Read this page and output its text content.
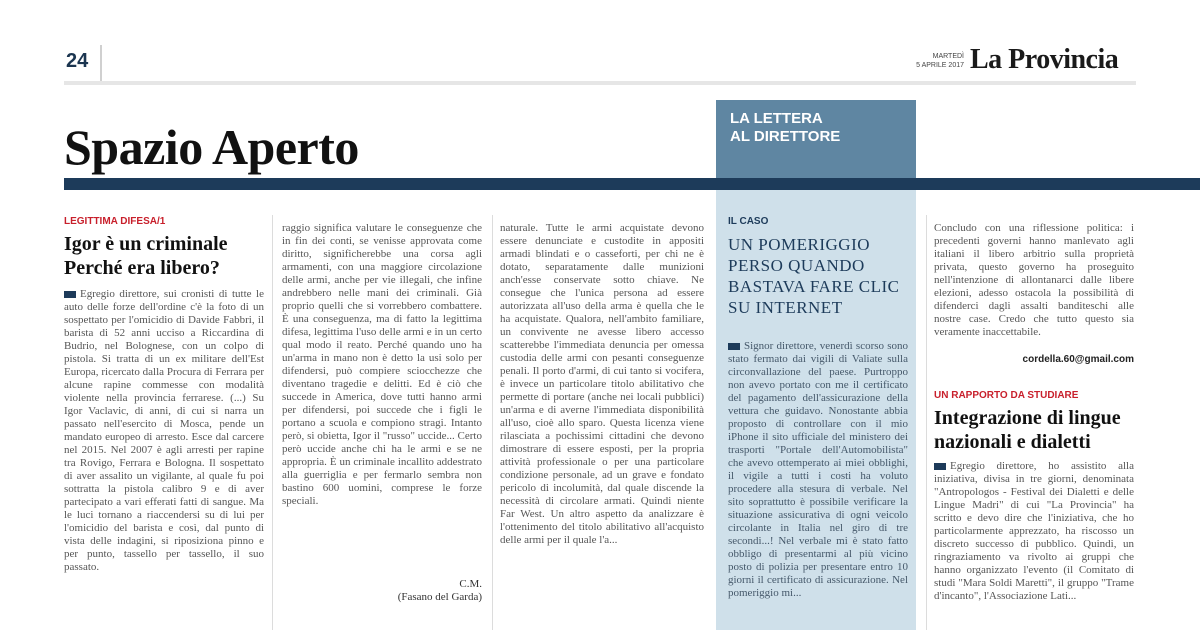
24	MARTEDÌ
5 APRILE 2017 La Provincia
Spazio Aperto
LA LETTERA
AL DIRETTORE
LEGITTIMA DIFESA/1
Igor è un criminale
Perché era libero?

Egregio direttore, sui cronisti di tutte le auto delle forze dell'ordine c'è la foto di un sospettato per l'omicidio di Davide Fabbri, il barista di 52 anni ucciso a Riccardina di Budrio, nel Bolognese, con un colpo di pistola. Si tratta di un ex militare dell'Est Europa, ricercato dalla Procura di Ferrara per alcune rapine commesse con modalità violente nella provincia ferrarese. (...) Su Igor Vaclavic, di anni, di cui si narra un passato nell'esercito di Mosca, pende un mandato europeo di arresto. Esce dal carcere nel 2015. Nel 2007 è agli arresti per rapine tra Rovigo, Ferrara e Bologna. Il sospettato di aver assalito un vigilante, al quale fu poi sottratta la pistola calibro 9 e di aver partecipato a vari efferati fatti di sangue. Ma le luci tornano a riaccendersi su di lui per l'omicidio del barista e così, dal punto di vista delle indagini, si riposiziona pinno e per punto, tassello per tassello, il suo passato.

raggio significa valutare le conseguenze che in fin dei conti, se venisse approvata come diritto, significherebbe una corsa agli armamenti, con una maggiore circolazione delle armi, anche per vie illegali, che infine andrebbero nelle mani dei criminali. Già proprio quelli che si vorrebbero combattere. È una conseguenza, ma di fatto la legittima difesa, legittima l'uso delle armi e in un certo qual modo il reato. Perché quando uno ha un'arma in mano non è detto la usi solo per difendersi, può compiere sciocchezze che diventano tragedie e delitti. Ed è ciò che succede in America, dove tutti hanno armi per difendersi, poi succede che i figli le portano a scuola e compiono stragi. Intanto però, si obietta, Igor il "russo" uccide... Certo però uccide anche chi ha le armi e se ne appropria. È un criminale incallito addestrato alla guerriglia e per fermarlo sembra non bastino 600 uomini, comprese le forze speciali.

C.M.
(Fasano del Garda)

naturale. Tutte le armi acquistate devono essere denunciate e custodite in appositi armadi blindati e o casseforti, per chi ne è dotato, separatamente dalle munizioni anch'esse conservate sotto chiave. Ne consegue che l'unica persona ad essere autorizzata all'uso della arma è quella che le ha acquistate. Qualora, nell'ambito familiare, un convivente ne avesse libero accesso scatterebbe l'immediata denuncia per omessa custodia delle armi con pesanti conseguenze penali. Il porto d'armi, di cui tanto si vociferа, è invece un particolare titolo abilitativo che permette di portare (anche nei locali pubblici) un'arma e di averne l'immediata disponibilità all'uso, cioè allo sparo. Questa licenza viene rilasciata a pochissimi cittadini che devono dimostrare di essere esposti, per la propria attività professionale o per una particolare condizione personale, ad un grave e fondato pericolo di incolumità, dal quale discende la necessità di circolare armati. Quindi niente Far West. Un altro aspetto da analizzare è l'ottenimento del titolo abilitativo all'acquisto delle armi per il quale l'a...

IL CASO
UN POMERIGGIO
PERSO QUANDO
BASTAVA FARE CLIC
SU INTERNET

Signor direttore, venerdì scorso sono stato fermato dai vigili di Valiate sulla circonvallazione del paese. Purtroppo non avevo portato con me il certificato del pagamento dell'assicurazione della vettura che guidavo. Nonostante abbia proposto di controllare con il mio iPhone il sito ufficiale del ministero dei trasporti "Portale dell'Automobilista" che avevo ottemperato ai miei obblighi, il vigile a tutti i costi ha voluto procedere alla stesura di verbale. Nel sito soprattutto è possibile verificare la situazione assicurativa di ogni veicolo circolante in Italia nel giro di tre secondi...! Nel verbale mi è stato fatto obbligo di presentarmi al più vicino posto di polizia per presentare entro 10 giorni il certificato di assicurazione. Nel pomeriggio mi...

Concludo con una riflessione politica: i precedenti governi hanno manlevato agli italiani il libero arbitrio sulla proprietà privata, questo governo ha proseguito nell'intenzione di allontanarci dalle libere elezioni, adesso ostacola la possibilità di difenderci dagli assalti banditeschi alle nostre case. Credo che tutto questo sia veramente inaccettabile.

cordella.60@gmail.com
UN RAPPORTO DA STUDIARE
Integrazione di lingue
nazionali e dialetti

Egregio direttore, ho assistito alla iniziativa, divisa in tre giorni, denominata "Antropologos - Festival dei Dialetti e delle Lingue Madri" di cui "La Provincia" ha scritto e devo dire che l'iniziativa, che ho particolarmente apprezzato, ha riscosso un discreto successo di pubblico. Quindi, un ringraziamento va rivolto ai gruppi che hanno organizzato l'evento (il Comitato di studi "Mara Soldi Maretti", il gruppo "Trame d'incanto", l'Associazione Lati...
